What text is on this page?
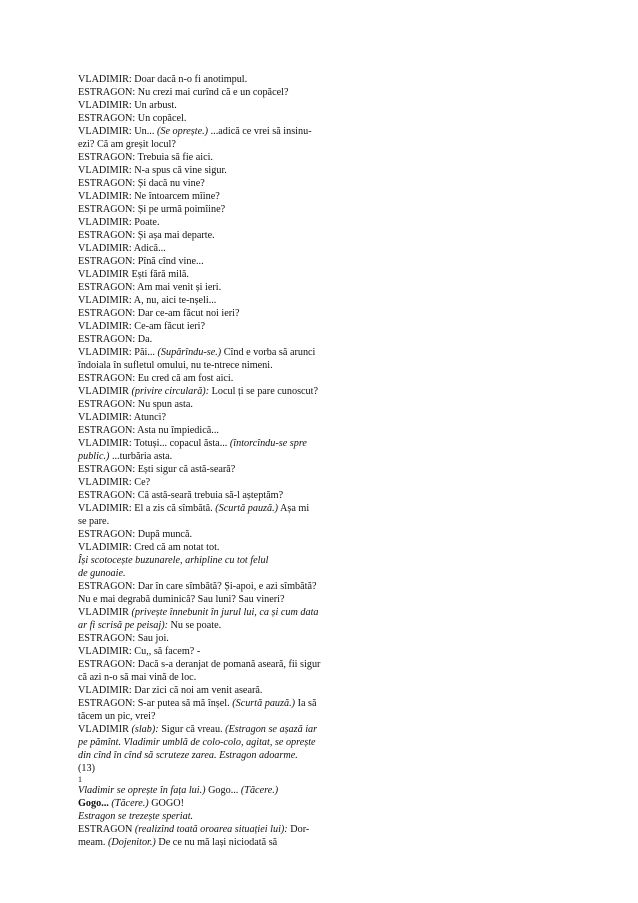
VLADIMIR: Doar dacă n-o fi anotimpul.
ESTRAGON: Nu crezi mai curînd că e un copăcel?
VLADIMIR: Un arbust.
ESTRAGON: Un copăcel.
VLADIMIR: Un... (Se oprește.) ...adică ce vrei să insinu-
ezi? Că am greșit locul?
ESTRAGON: Trebuia să fie aici.
VLADIMIR: N-a spus că vine sigur.
ESTRAGON: Și dacă nu vine?
VLADIMIR: Ne întoarcem mîine?
ESTRAGON: Și pe urmă poimîine?
VLADIMIR: Poate.
ESTRAGON: Și așa mai departe.
VLADIMIR: Adică...
ESTRAGON: Pînă cînd vine...
VLADIMIR Ești fără milă.
ESTRAGON: Am mai venit și ieri.
VLADIMIR: A, nu, aici te-nșeli...
ESTRAGON: Dar ce-am făcut noi ieri?
VLADIMIR: Ce-am făcut ieri?
ESTRAGON: Da.
VLADIMIR: Păi... (Supărîndu-se.) Cînd e vorba să arunci
îndoiala în sufletul omului, nu te-ntrece nimeni.
ESTRAGON: Eu cred că am fost aici.
VLADIMIR (privire circulară): Locul ți se pare cunoscut?
ESTRAGON: Nu spun asta.
VLADIMIR: Atunci?
ESTRAGON: Asta nu împiedică...
VLADIMIR: Totuși... copacul ăsta... (întorcîndu-se spre
public.) ...turbăria asta.
ESTRAGON: Ești sigur că astă-seară?
VLADIMIR: Ce?
ESTRAGON: Că astă-seară trebuia să-l așteptăm?
VLADIMIR: El a zis că sîmbătă. (Scurtă pauză.) Așa mi
se pare.
ESTRAGON: După muncă.
VLADIMIR: Cred că am notat tot.
Își scotocește buzunarele, arhipline cu tot felul
de gunoaie.
ESTRAGON: Dar în care sîmbătă? Și-apoi, e azi sîmbătă?
Nu e mai degrabă duminică? Sau luni? Sau vineri?
VLADIMIR (privește înnebunit în jurul lui, ca și cum data
ar fi scrisă pe peisaj): Nu se poate.
ESTRAGON: Sau joi.
VLADIMIR: Cu,, să facem? -
ESTRAGON: Dacă s-a deranjat de pomană aseară, fii sigur
că azi n-o să mai vină de loc.
VLADIMIR: Dar zici că noi am venit aseară.
ESTRAGON: S-ar putea să mă înșel. (Scurtă pauză.) Ia să
tăcem un pic, vrei?
VLADIMIR (slab): Sigur că vreau. (Estragon se așază iar
pe pămînt. Vladimir umblă de colo-colo, agitat, se oprește
din cînd în cînd să scruteze zarea. Estragon adoarme.
(13)
1
Vladimir se oprește în fața lui.) Gogo... (Tăcere.)
Gogo... (Tăcere.) GOGO!
Estragon se trezește speriat.
ESTRAGON (realizînd toată oroarea situației lui): Dor-
meam. (Dojenitor.) De ce nu mă lași niciodată să
